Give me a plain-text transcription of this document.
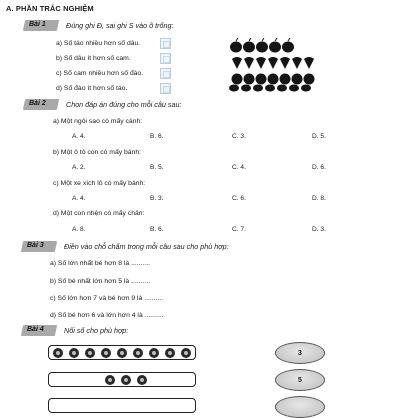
A. PHẦN TRẮC NGHIỆM
Bài 1	Đúng ghi Đ, sai ghi S vào ô trống:
a) Số táo nhiều hơn số dâu.
b) Số dâu ít hơn số cam.
c) Số cam nhiều hơn số đào.
d) Số đào ít hơn số táo.
Bài 2	Chọn đáp án đúng cho mỗi câu sau:
a) Một ngôi sao có mấy cánh:
A. 4.	B. 6.	C. 3.	D. 5.
b) Một ô tô con có mấy bánh:
A. 2.	B. 5.	C. 4.	D. 6.
c) Một xe xích lô có mấy bánh:
A. 4.	B. 3.	C. 6.	D. 8.
d) Một con nhện có mấy chân:
A. 8.	B. 6.	C. 7.	D. 3.
Bài 3	Điền vào chỗ chấm trong mỗi câu sau cho phù hợp:
a) Số lớn nhất bé hơn 8 là ..........
b) Số bé nhất lớn hơn 5 là ..........
c) Số lớn hơn 7 và bé hơn 9 là ..........
d) Số bé hơn 6 và lớn hơn 4 là ..........
Bài 4	Nối số cho phù hợp:
3
5
